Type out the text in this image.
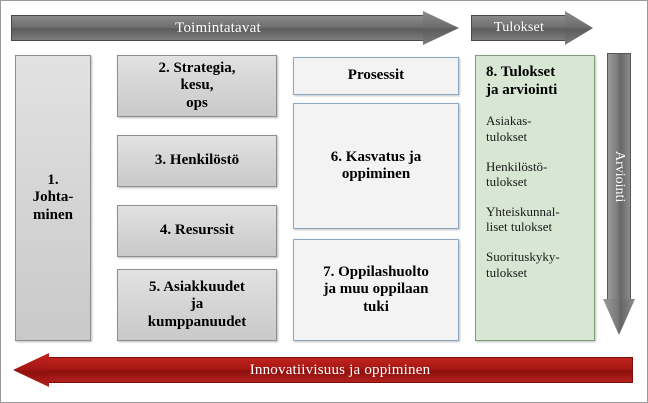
Toimintatavat	Tulokset
1.
Johta-
minen
2. Strategia,
kesu,
ops
3. Henkilöstö
4. Resurssit
5. Asiakkuudet
ja
kumppanuudet
Prosessit
6. Kasvatus ja
oppiminen
7. Oppilashuolto
ja muu oppilaan
tuki
8. Tulokset
ja arviointi
Asiakas-
tulokset
Henkilöstö-
tulokset
Yhteiskunnal-
liset tulokset
Suorituskyky-
tulokset
Arviointi
Innovatiivisuus ja oppiminen
